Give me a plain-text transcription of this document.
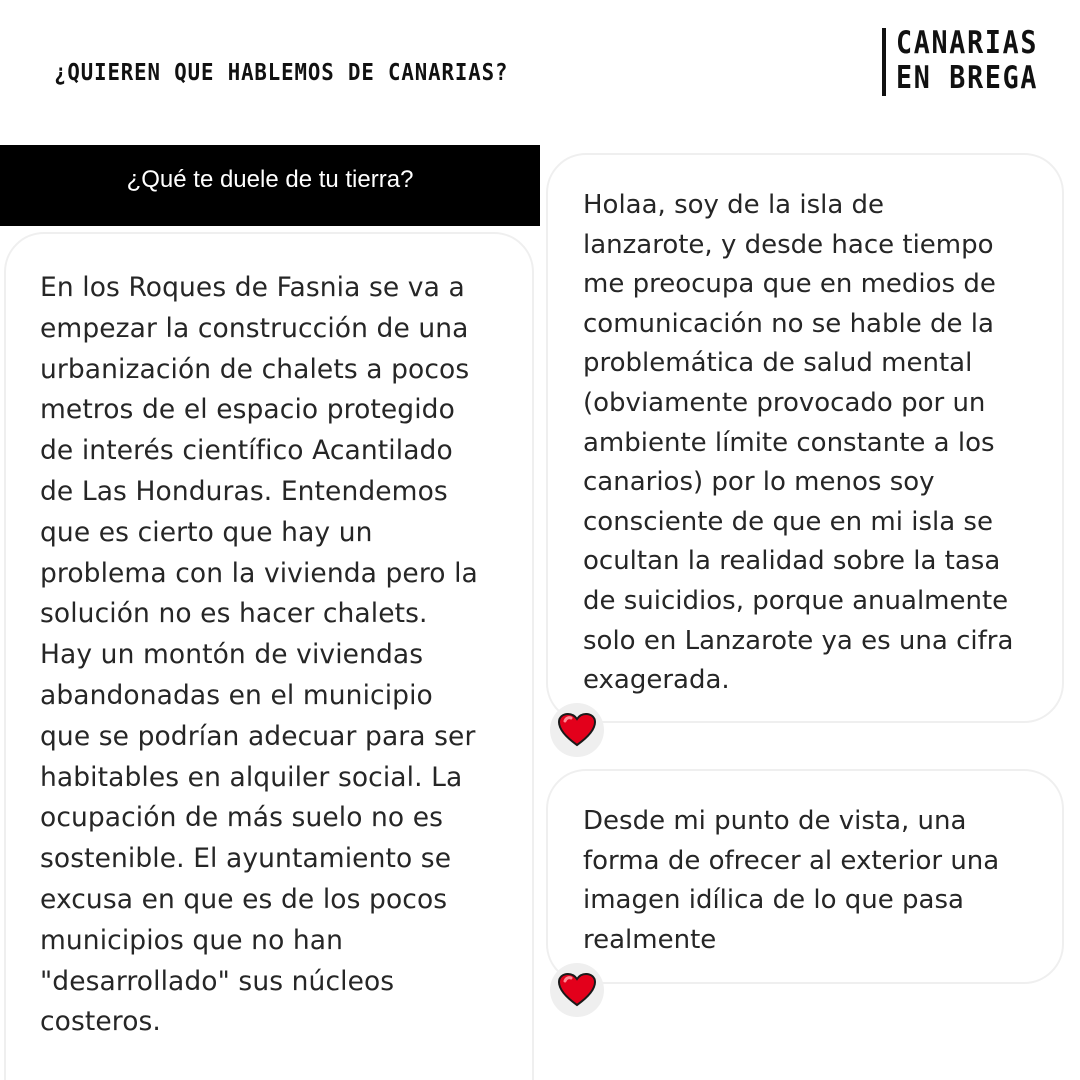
¿QUIEREN QUE HABLEMOS DE CANARIAS?
CANARIAS
EN BREGA
En los Roques de Fasnia se va a
empezar la construcción de una
urbanización de chalets a pocos
metros de el espacio protegido
de interés científico Acantilado
de Las Honduras. Entendemos
que es cierto que hay un
problema con la vivienda pero la
solución no es hacer chalets.
Hay un montón de viviendas
abandonadas en el municipio
que se podrían adecuar para ser
habitables en alquiler social. La
ocupación de más suelo no es
sostenible. El ayuntamiento se
excusa en que es de los pocos
municipios que no han
"desarrollado" sus núcleos
costeros.
¿Qué te duele de tu tierra?
Holaa, soy de la isla de
lanzarote, y desde hace tiempo
me preocupa que en medios de
comunicación no se hable de la
problemática de salud mental
(obviamente provocado por un
ambiente límite constante a los
canarios) por lo menos soy
consciente de que en mi isla se
ocultan la realidad sobre la tasa
de suicidios, porque anualmente
solo en Lanzarote ya es una cifra
exagerada.
Desde mi punto de vista, una
forma de ofrecer al exterior una
imagen idílica de lo que pasa
realmente
